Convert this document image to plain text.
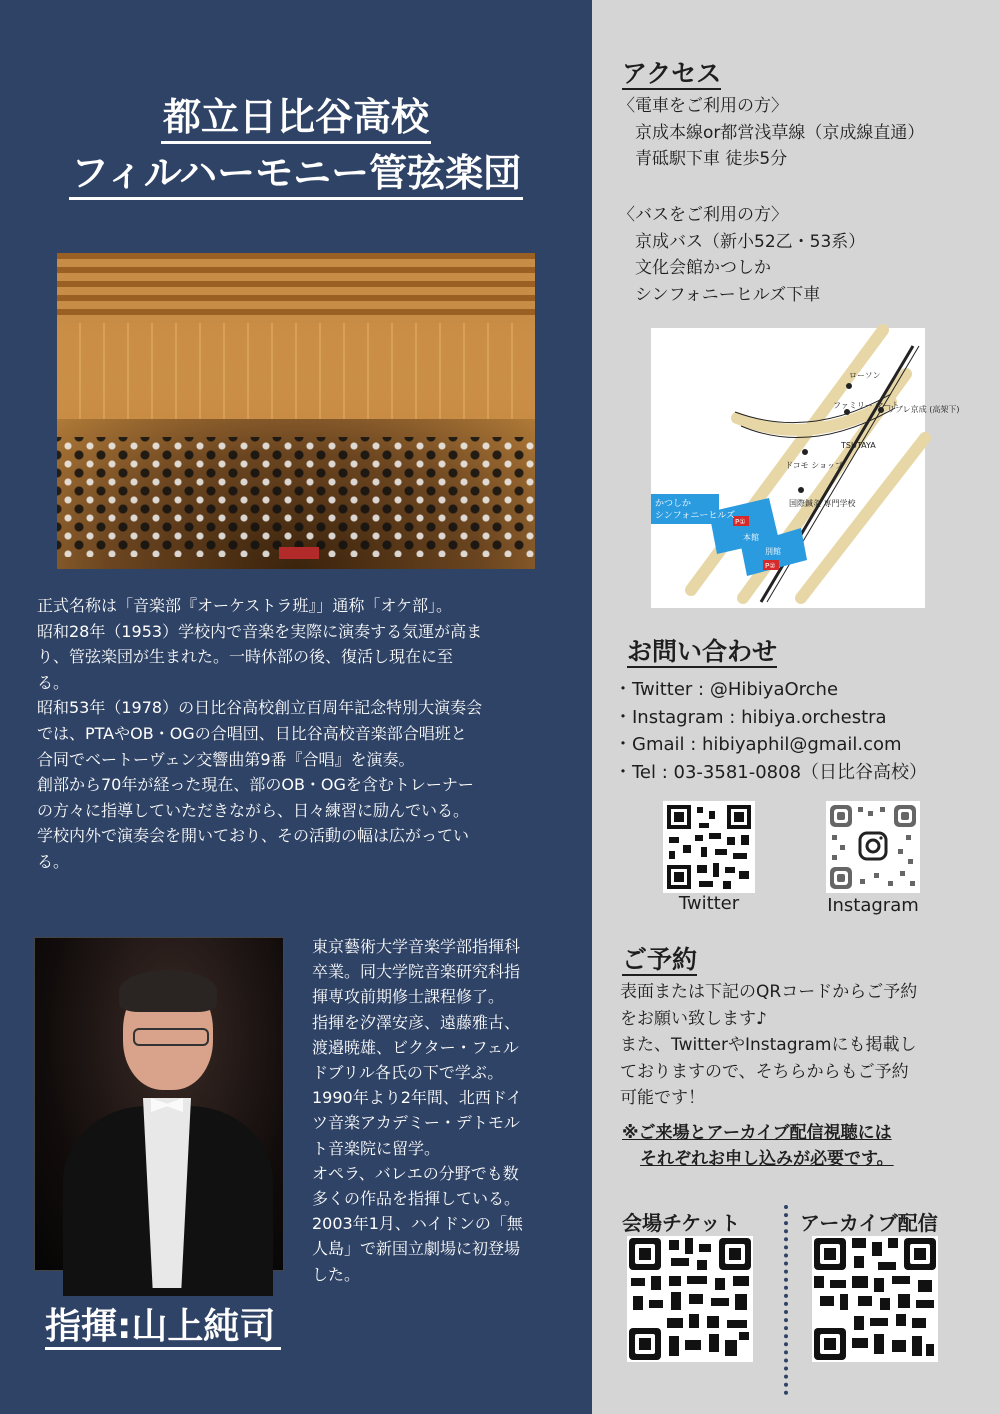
都立日比谷高校
フィルハーモニー管弦楽団

正式名称は「音楽部『オーケストラ班』」通称「オケ部」。

昭和28年（1953）学校内で音楽を実際に演奏する気運が高ま

り、管弦楽団が生まれた。一時休部の後、復活し現在に至

る。

昭和53年（1978）の日比谷高校創立百周年記念特別大演奏会

では、PTAやOB・OGの合唱団、日比谷高校音楽部合唱班と

合同でベートーヴェン交響曲第9番『合唱』を演奏。

創部から70年が経った現在、部のOB・OGを含むトレーナー

の方々に指導していただきながら、日々練習に励んでいる。

学校内外で演奏会を開いており、その活動の幅は広がってい

る。

東京藝術大学音楽学部指揮科

卒業。同大学院音楽研究科指

揮専攻前期修士課程修了。

指揮を汐澤安彦、遠藤雅古、

渡邉暁雄、ビクター・フェル

ドブリル各氏の下で学ぶ。

1990年より2年間、北西ドイ

ツ音楽アカデミー・デトモル

ト音楽院に留学。

オペラ、バレエの分野でも数

多くの作品を指揮している。

2003年1月、ハイドンの「無

人島」で新国立劇場に初登場

した。

指揮:山上純司
アクセス

〈電車をご利用の方〉

　京成本線or都営浅草線（京成線直通）

　青砥駅下車 徒歩5分

〈バスをご利用の方〉

　京成バス（新小52乙・53系）

　文化会館かつしか

　シンフォニーヒルズ下車

ローソン
ファミリー マート
リブレ京成 (高架下)
TSUTAYA
ドコモ ショップ
国際鍼灸 専門学校
本館
別館
P①
P②
かつしか
シンフォニーヒルズ
お問い合わせ
・ Twitter : @HibiyaOrche
・ Instagram : hibiya.orchestra
・ Gmail : hibiyaphil@gmail.com
・ Tel : 03-3581-0808（日比谷高校）
Twitter	Instagram
ご予約

表面または下記のQRコードからご予約

をお願い致します♪

また、TwitterやInstagramにも掲載し

ておりますので、そちらからもご予約

可能です！

※ご来場とアーカイブ配信視聴には

それぞれお申し込みが必要です。

会場チケット	アーカイブ配信
